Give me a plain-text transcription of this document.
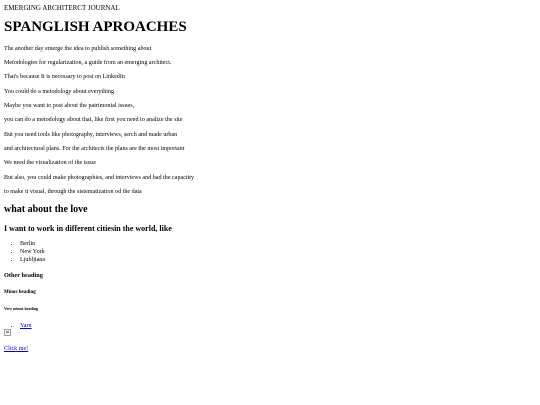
EMERGING ARCHITERCT JOURNAL
SPANGLISH APROACHES

The another day emerge the idea to publish something about

Metodologies for regularization, a guide from an emerging architect.

That's because It is necessary to post on LinkedIn

You could do a metodology about everything.

Maybe you want to post about the patrimonial issues,

you can do a metodology about that, like first you need to analize the site

But you need tools like photography, interviews, serch and made urban

and architectural plans. For the architects the plans are the most important

We need the visualization of the issue

But also, you could make photographies, and interviews and had the capacitty

to make it visual, through the sistematization od the data

what about the love
I want to work in different citiesin the world, like
• Berlin
• New York
• Ljubljiana
Other heading
Minor heading
Very minor heading
• Yarn
Click me!
